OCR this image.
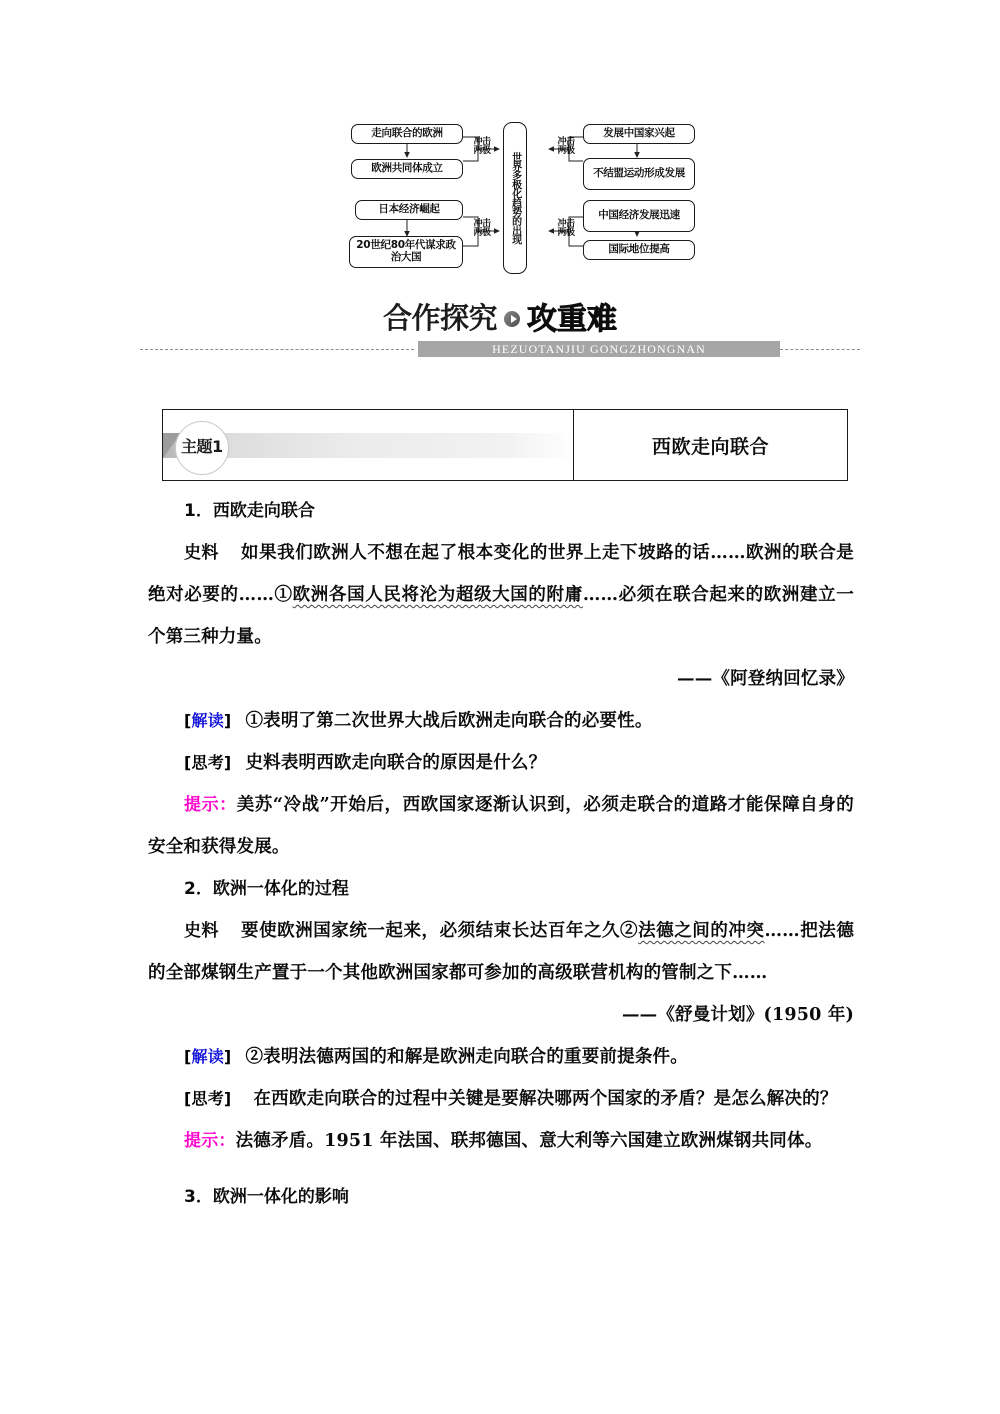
走向联合的欧洲
欧洲共同体成立
日本经济崛起
20世纪80年代谋求政治大国
世界多极化趋势的出现
发展中国家兴起
不结盟运动形成发展
中国经济发展迅速
国际地位提高
冲击两极
冲击两极
冲击两极
冲击两极
合作探究 攻重难
HEZUOTANJIU GONGZHONGNAN
主题1	西欧走向联合

1．西欧走向联合

史料 如果我们欧洲人不想在起了根本变化的世界上走下坡路的话……欧洲的联合是绝对必要的……①欧洲各国人民将沦为超级大国的附庸……必须在联合起来的欧洲建立一个第三种力量。

——《阿登纳回忆录》

[解读] ①表明了第二次世界大战后欧洲走向联合的必要性。

[思考] 史料表明西欧走向联合的原因是什么？

提示：美苏“冷战”开始后，西欧国家逐渐认识到，必须走联合的道路才能保障自身的安全和获得发展。

2．欧洲一体化的过程

史料 要使欧洲国家统一起来，必须结束长达百年之久②法德之间的冲突……把法德的全部煤钢生产置于一个其他欧洲国家都可参加的高级联营机构的管制之下……

——《舒曼计划》(1950 年)

[解读] ②表明法德两国的和解是欧洲走向联合的重要前提条件。

[思考] 在西欧走向联合的过程中关键是要解决哪两个国家的矛盾？是怎么解决的？

提示：法德矛盾。1951 年法国、联邦德国、意大利等六国建立欧洲煤钢共同体。

3．欧洲一体化的影响
